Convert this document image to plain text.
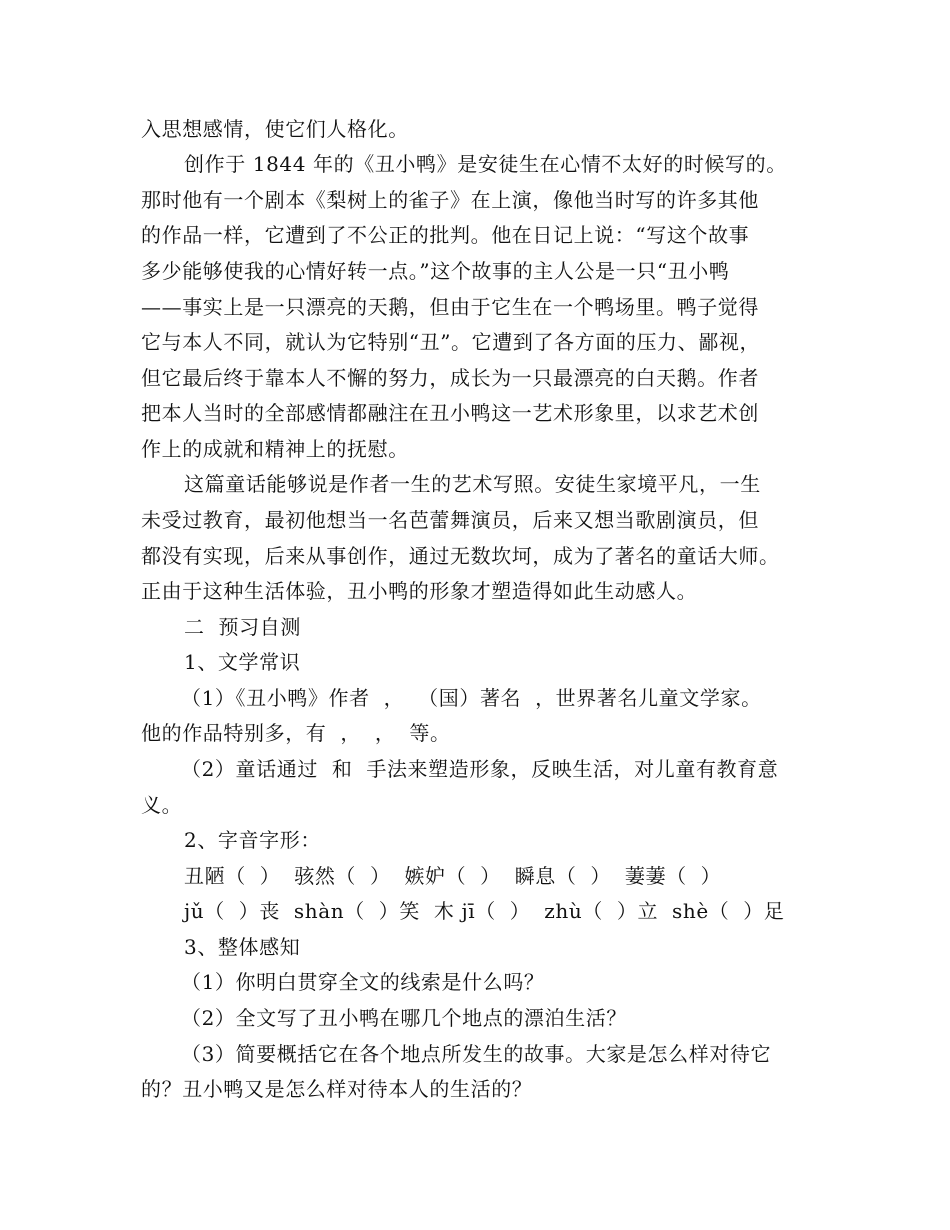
入思想感情，使它们人格化。
创作于 1844 年的《丑小鸭》是安徒生在心情不太好的时候写的。
那时他有一个剧本《梨树上的雀子》在上演，像他当时写的许多其他
的作品一样，它遭到了不公正的批判。他在日记上说：“写这个故事
多少能够使我的心情好转一点。”这个故事的主人公是一只“丑小鸭
——事实上是一只漂亮的天鹅，但由于它生在一个鸭场里。鸭子觉得
它与本人不同，就认为它特别“丑”。它遭到了各方面的压力、鄙视，
但它最后终于靠本人不懈的努力，成长为一只最漂亮的白天鹅。作者
把本人当时的全部感情都融注在丑小鸭这一艺术形象里，以求艺术创
作上的成就和精神上的抚慰。
这篇童话能够说是作者一生的艺术写照。安徒生家境平凡，一生
未受过教育，最初他想当一名芭蕾舞演员，后来又想当歌剧演员，但
都没有实现，后来从事创作，通过无数坎坷，成为了著名的童话大师。
正由于这种生活体验，丑小鸭的形象才塑造得如此生动感人。
二  预习自测
1、文学常识
（1）《丑小鸭》作者  ，  （国）著名  ，世界著名儿童文学家。
他的作品特别多，有  ，  ，  等。
（2）童话通过  和  手法来塑造形象，反映生活，对儿童有教育意
义。
2、字音字形：
丑陋（  ）  骇然（  ）  嫉妒（  ）  瞬息（  ）  萋萋（  ）
jǔ（  ）丧  shàn（  ）笑  木 jī（  ）  zhù（  ）立  shè（  ）足
3、整体感知
（1）你明白贯穿全文的线索是什么吗？
（2）全文写了丑小鸭在哪几个地点的漂泊生活？
（3）简要概括它在各个地点所发生的故事。大家是怎么样对待它
的？丑小鸭又是怎么样对待本人的生活的？
